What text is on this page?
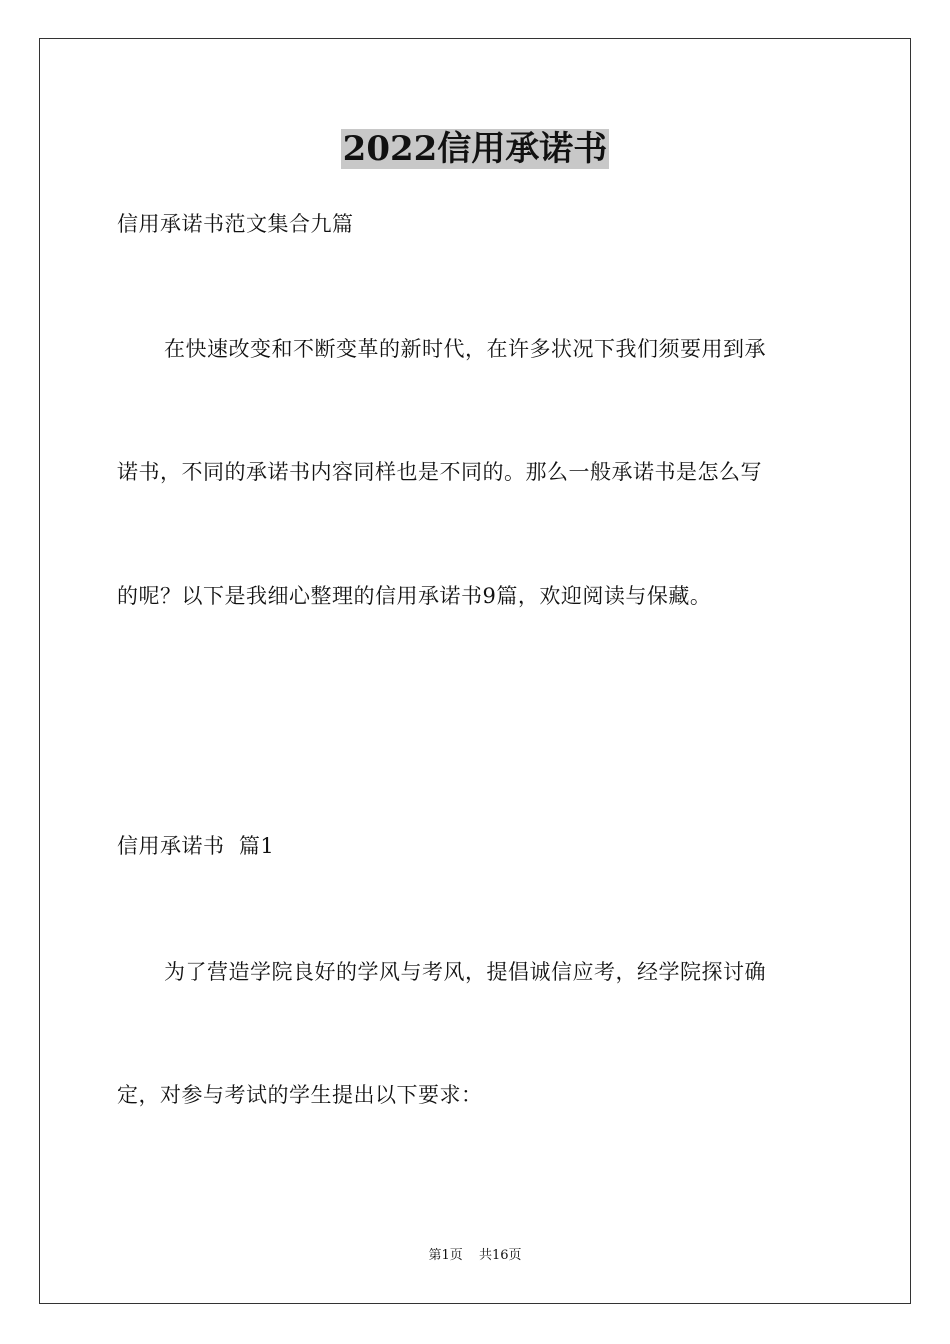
2022信用承诺书
信用承诺书范文集合九篇
在快速改变和不断变革的新时代，在许多状况下我们须要用到承
诺书，不同的承诺书内容同样也是不同的。那么一般承诺书是怎么写
的呢？以下是我细心整理的信用承诺书9篇，欢迎阅读与保藏。
信用承诺书  篇1
为了营造学院良好的学风与考风，提倡诚信应考，经学院探讨确
定，对参与考试的学生提出以下要求：
第1页 共16页
